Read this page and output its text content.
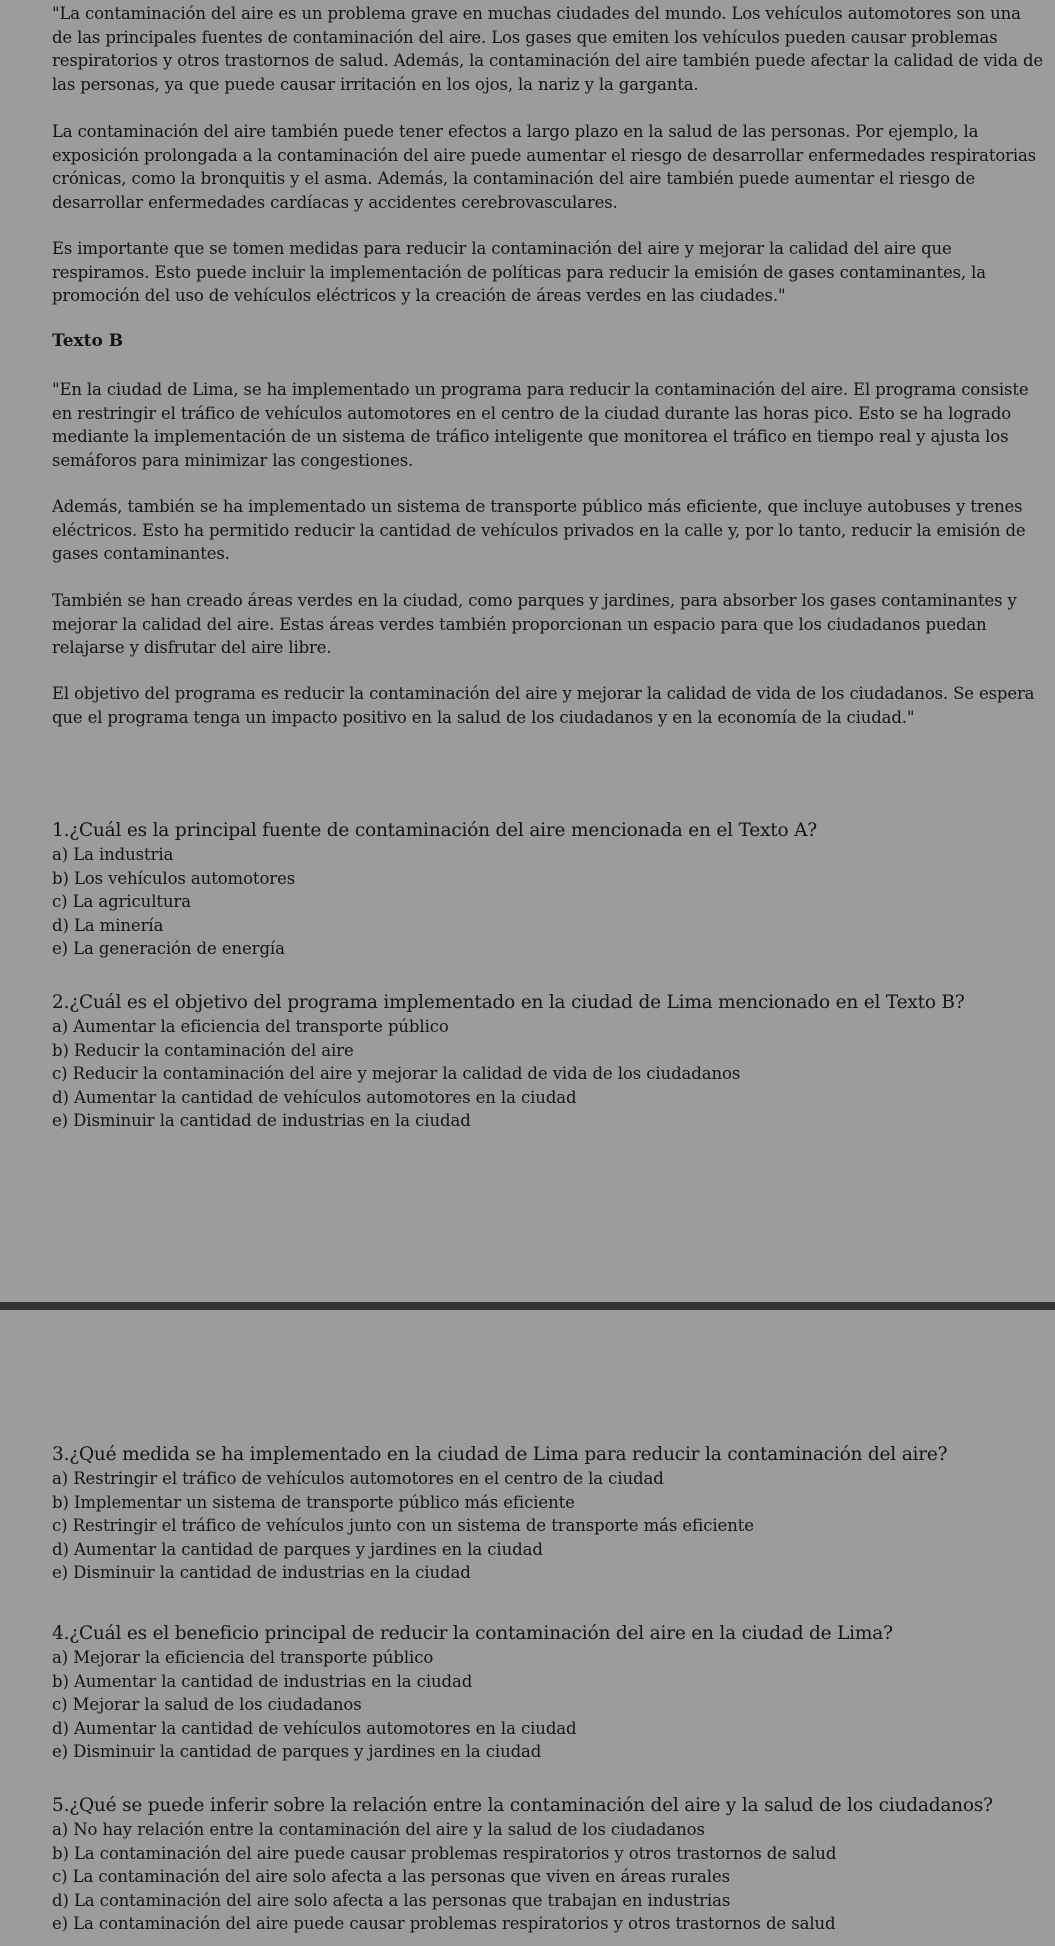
"La contaminación del aire es un problema grave en muchas ciudades del mundo. Los vehículos automotores son una de las principales fuentes de contaminación del aire. Los gases que emiten los vehículos pueden causar problemas respiratorios y otros trastornos de salud. Además, la contaminación del aire también puede afectar la calidad de vida de las personas, ya que puede causar irritación en los ojos, la nariz y la garganta.

La contaminación del aire también puede tener efectos a largo plazo en la salud de las personas. Por ejemplo, la exposición prolongada a la contaminación del aire puede aumentar el riesgo de desarrollar enfermedades respiratorias crónicas, como la bronquitis y el asma. Además, la contaminación del aire también puede aumentar el riesgo de desarrollar enfermedades cardíacas y accidentes cerebrovasculares.

Es importante que se tomen medidas para reducir la contaminación del aire y mejorar la calidad del aire que respiramos. Esto puede incluir la implementación de políticas para reducir la emisión de gases contaminantes, la promoción del uso de vehículos eléctricos y la creación de áreas verdes en las ciudades."

Texto B

"En la ciudad de Lima, se ha implementado un programa para reducir la contaminación del aire. El programa consiste en restringir el tráfico de vehículos automotores en el centro de la ciudad durante las horas pico. Esto se ha logrado mediante la implementación de un sistema de tráfico inteligente que monitorea el tráfico en tiempo real y ajusta los semáforos para minimizar las congestiones.

Además, también se ha implementado un sistema de transporte público más eficiente, que incluye autobuses y trenes eléctricos. Esto ha permitido reducir la cantidad de vehículos privados en la calle y, por lo tanto, reducir la emisión de gases contaminantes.

También se han creado áreas verdes en la ciudad, como parques y jardines, para absorber los gases contaminantes y mejorar la calidad del aire. Estas áreas verdes también proporcionan un espacio para que los ciudadanos puedan relajarse y disfrutar del aire libre.

El objetivo del programa es reducir la contaminación del aire y mejorar la calidad de vida de los ciudadanos. Se espera que el programa tenga un impacto positivo en la salud de los ciudadanos y en la economía de la ciudad."

1.¿Cuál es la principal fuente de contaminación del aire mencionada en el Texto A?

a) La industria

b) Los vehículos automotores

c) La agricultura

d) La minería

e) La generación de energía

2.¿Cuál es el objetivo del programa implementado en la ciudad de Lima mencionado en el Texto B?

a) Aumentar la eficiencia del transporte público

b) Reducir la contaminación del aire

c) Reducir la contaminación del aire y mejorar la calidad de vida de los ciudadanos

d) Aumentar la cantidad de vehículos automotores en la ciudad

e) Disminuir la cantidad de industrias en la ciudad

3.¿Qué medida se ha implementado en la ciudad de Lima para reducir la contaminación del aire?

a) Restringir el tráfico de vehículos automotores en el centro de la ciudad

b) Implementar un sistema de transporte público más eficiente

c) Restringir el tráfico de vehículos junto con un sistema de transporte más eficiente

d) Aumentar la cantidad de parques y jardines en la ciudad

e) Disminuir la cantidad de industrias en la ciudad

4.¿Cuál es el beneficio principal de reducir la contaminación del aire en la ciudad de Lima?

a) Mejorar la eficiencia del transporte público

b) Aumentar la cantidad de industrias en la ciudad

c) Mejorar la salud de los ciudadanos

d) Aumentar la cantidad de vehículos automotores en la ciudad

e) Disminuir la cantidad de parques y jardines en la ciudad

5.¿Qué se puede inferir sobre la relación entre la contaminación del aire y la salud de los ciudadanos?

a) No hay relación entre la contaminación del aire y la salud de los ciudadanos

b) La contaminación del aire puede causar problemas respiratorios y otros trastornos de salud

c) La contaminación del aire solo afecta a las personas que viven en áreas rurales

d) La contaminación del aire solo afecta a las personas que trabajan en industrias

e) La contaminación del aire puede causar problemas respiratorios y otros trastornos de salud
